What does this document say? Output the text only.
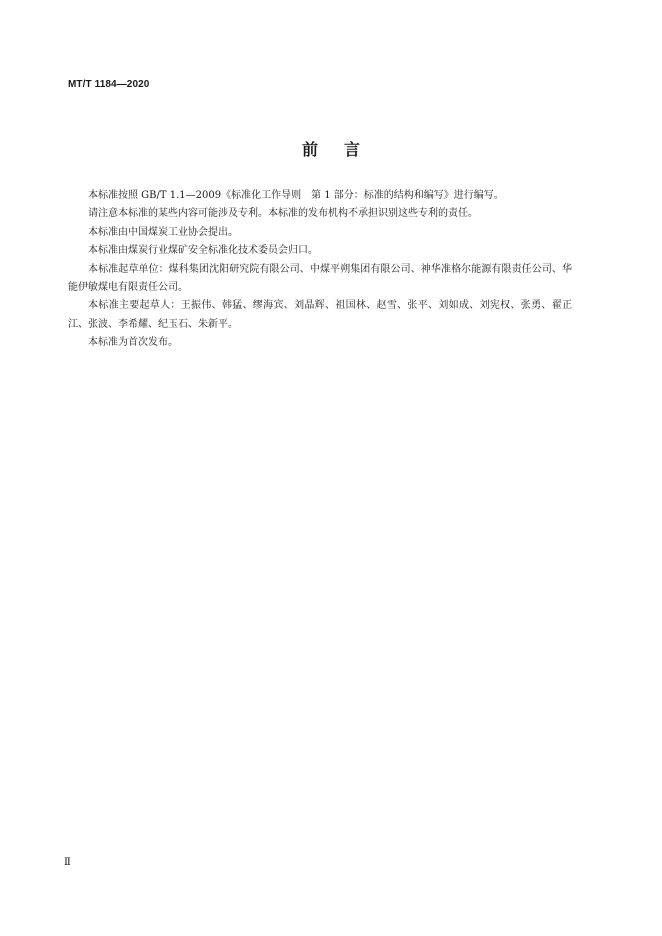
MT/T 1184—2020
前言

本标准按照 GB/T 1.1—2009《标准化工作导则　第 1 部分：标准的结构和编写》进行编写。

请注意本标准的某些内容可能涉及专利。本标准的发布机构不承担识别这些专利的责任。

本标准由中国煤炭工业协会提出。

本标准由煤炭行业煤矿安全标准化技术委员会归口。

本标准起草单位：煤科集团沈阳研究院有限公司、中煤平朔集团有限公司、神华准格尔能源有限责任公司、华能伊敏煤电有限责任公司。

本标准主要起草人：王振伟、韩猛、缪海宾、刘晶辉、祖国林、赵雪、张平、刘如成、刘宪权、张勇、翟正江、张波、李希耀、纪玉石、朱新平。

本标准为首次发布。

Ⅱ
